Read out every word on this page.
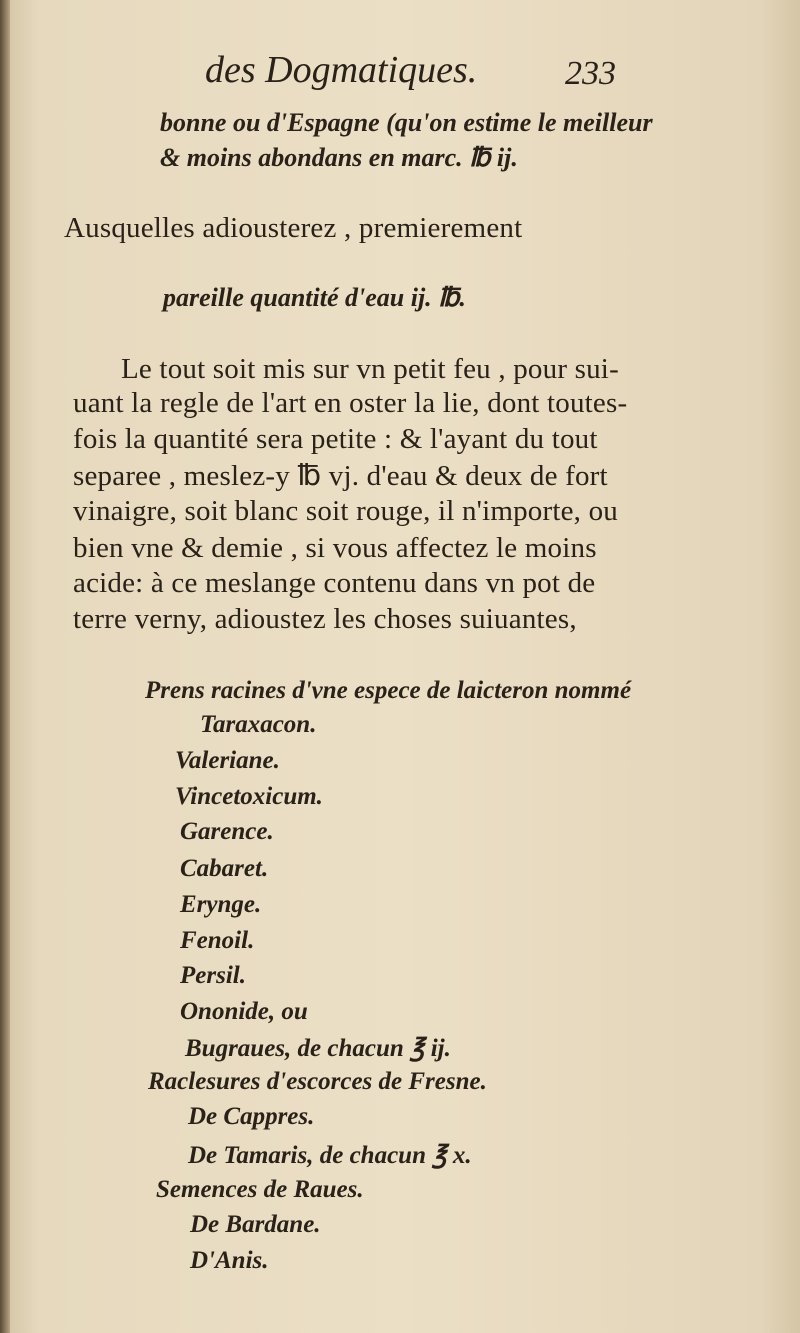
des Dogmatiques.	233
bonne ou d'Espagne (qu'on estime le meilleur
& moins abondans en marc. ℔ ij.
Ausquelles adiousterez , premierement
pareille quantité d'eau ij. ℔.
Le tout soit mis sur vn petit feu , pour sui-
uant la regle de l'art en oster la lie, dont toutes-
fois la quantité sera petite : & l'ayant du tout
separee , meslez-y ℔ vj. d'eau & deux de fort
vinaigre, soit blanc soit rouge, il n'importe, ou
bien vne & demie , si vous affectez le moins
acide: à ce meslange contenu dans vn pot de
terre verny, adioustez les choses suiuantes,
Prens racines d'vne espece de laicteron nommé
Taraxacon.
Valeriane.
Vincetoxicum.
Garence.
Cabaret.
Eryngе.
Fenoil.
Persil.
Ononide, ou
Bugraues, de chacun ℥ ij.
Raclesures d'escorces de Fresne.
De Cappres.
De Tamaris, de chacun ℥ x.
Semences de Raues.
De Bardane.
D'Anis.
